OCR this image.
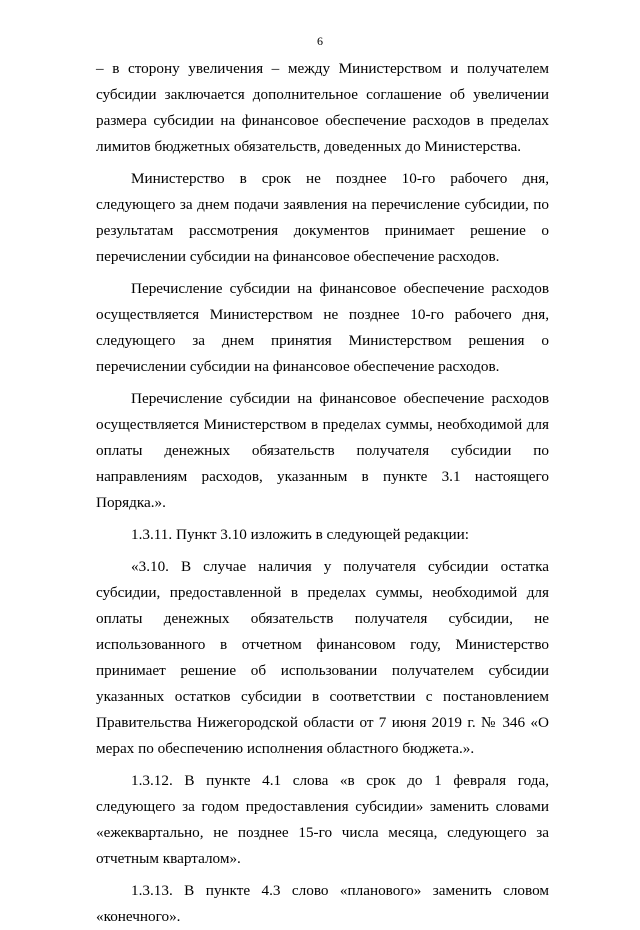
6

– в сторону увеличения – между Министерством и получателем субсидии заключается дополнительное соглашение об увеличении размера субсидии на финансовое обеспечение расходов в пределах лимитов бюджетных обязательств, доведенных до Министерства.

Министерство в срок не позднее 10-го рабочего дня, следующего за днем подачи заявления на перечисление субсидии, по результатам рассмотрения документов принимает решение о перечислении субсидии на финансовое обеспечение расходов.

Перечисление субсидии на финансовое обеспечение расходов осуществляется Министерством не позднее 10-го рабочего дня, следующего за днем принятия Министерством решения о перечислении субсидии на финансовое обеспечение расходов.

Перечисление субсидии на финансовое обеспечение расходов осуществляется Министерством в пределах суммы, необходимой для оплаты денежных обязательств получателя субсидии по направлениям расходов, указанным в пункте 3.1 настоящего Порядка.».

1.3.11. Пункт 3.10 изложить в следующей редакции:

«3.10. В случае наличия у получателя субсидии остатка субсидии, предоставленной в пределах суммы, необходимой для оплаты денежных обязательств получателя субсидии, не использованного в отчетном финансовом году, Министерство принимает решение об использовании получателем субсидии указанных остатков субсидии в соответствии с постановлением Правительства Нижегородской области от 7 июня 2019 г. № 346 «О мерах по обеспечению исполнения областного бюджета.».

1.3.12. В пункте 4.1 слова «в срок до 1 февраля года, следующего за годом предоставления субсидии» заменить словами «ежеквартально, не позднее 15-го числа месяца, следующего за отчетным кварталом».

1.3.13. В пункте 4.3 слово «планового» заменить словом «конечного».
